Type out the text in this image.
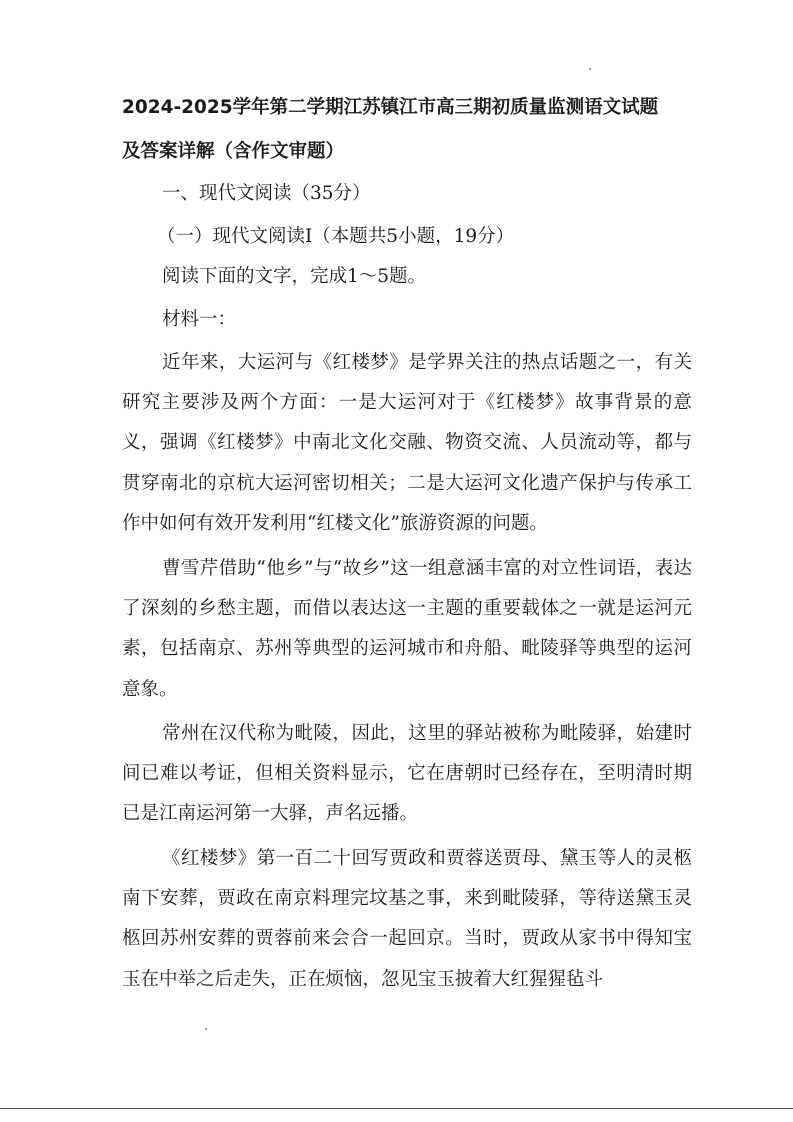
2024-2025学年第二学期江苏镇江市高三期初质量监测语文试题
及答案详解（含作文审题）

一、现代文阅读（35分）

（一）现代文阅读Ⅰ（本题共5小题，19分）

阅读下面的文字，完成1～5题。

材料一：

近年来，大运河与《红楼梦》是学界关注的热点话题之一，有关研究主要涉及两个方面：一是大运河对于《红楼梦》故事背景的意义，强调《红楼梦》中南北文化交融、物资交流、人员流动等，都与贯穿南北的京杭大运河密切相关；二是大运河文化遗产保护与传承工作中如何有效开发利用“红楼文化”旅游资源的问题。

曹雪芹借助“他乡”与“故乡”这一组意涵丰富的对立性词语，表达了深刻的乡愁主题，而借以表达这一主题的重要载体之一就是运河元素，包括南京、苏州等典型的运河城市和舟船、毗陵驿等典型的运河意象。

常州在汉代称为毗陵，因此，这里的驿站被称为毗陵驿，始建时间已难以考证，但相关资料显示，它在唐朝时已经存在，至明清时期已是江南运河第一大驿，声名远播。

《红楼梦》第一百二十回写贾政和贾蓉送贾母、黛玉等人的灵柩南下安葬，贾政在南京料理完坟基之事，来到毗陵驿，等待送黛玉灵柩回苏州安葬的贾蓉前来会合一起回京。当时，贾政从家书中得知宝玉在中举之后走失，正在烦恼，忽见宝玉披着大红猩猩毡斗
